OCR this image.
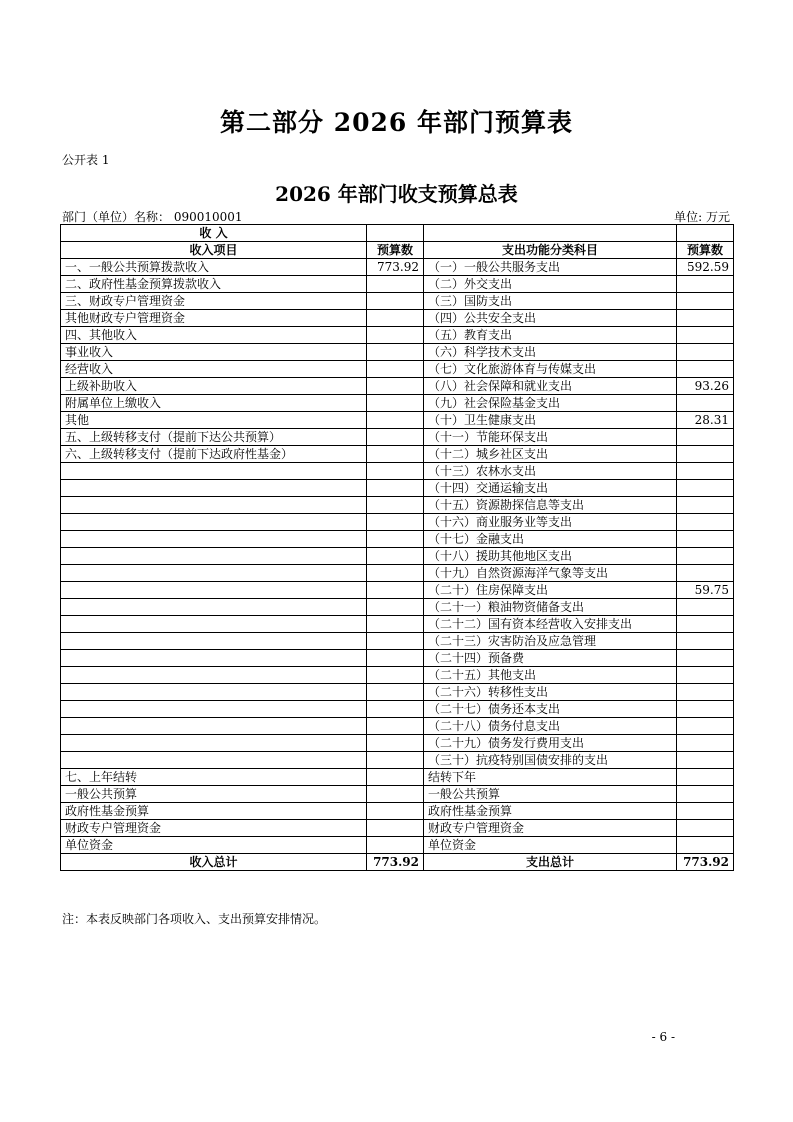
第二部分 2026 年部门预算表
公开表 1
2026 年部门收支预算总表
部门（单位）名称： 090010001	单位: 万元
收 入			
收入项目	预算数	支出功能分类科目	预算数
一、一般公共预算拨款收入	773.92	（一）一般公共服务支出	592.59
二、政府性基金预算拨款收入		（二）外交支出	
三、财政专户管理资金		（三）国防支出	
其他财政专户管理资金		（四）公共安全支出	
四、其他收入		（五）教育支出	
事业收入		（六）科学技术支出	
经营收入		（七）文化旅游体育与传媒支出	
上级补助收入		（八）社会保障和就业支出	93.26
附属单位上缴收入		（九）社会保险基金支出	
其他		（十）卫生健康支出	28.31
五、上级转移支付（提前下达公共预算）		（十一）节能环保支出	
六、上级转移支付（提前下达政府性基金）		（十二）城乡社区支出	
		（十三）农林水支出	
		（十四）交通运输支出	
		（十五）资源勘探信息等支出	
		（十六）商业服务业等支出	
		（十七）金融支出	
		（十八）援助其他地区支出	
		（十九）自然资源海洋气象等支出	
		（二十）住房保障支出	59.75
		（二十一）粮油物资储备支出	
		（二十二）国有资本经营收入安排支出	
		（二十三）灾害防治及应急管理	
		（二十四）预备费	
		（二十五）其他支出	
		（二十六）转移性支出	
		（二十七）债务还本支出	
		（二十八）债务付息支出	
		（二十九）债务发行费用支出	
		（三十）抗疫特别国债安排的支出	
七、上年结转		结转下年	
一般公共预算		一般公共预算	
政府性基金预算		政府性基金预算	
财政专户管理资金		财政专户管理资金	
单位资金		单位资金	
收入总计	773.92	支出总计	773.92
注：本表反映部门各项收入、支出预算安排情况。
- 6 -
